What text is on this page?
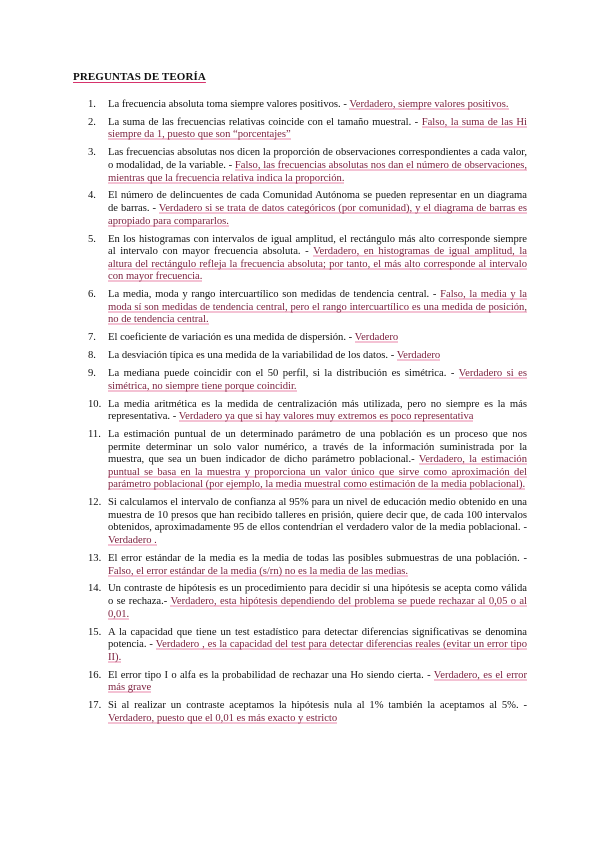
PREGUNTAS DE TEORÍA
1. La frecuencia absoluta toma siempre valores positivos. - Verdadero, siempre valores positivos.
2. La suma de las frecuencias relativas coincide con el tamaño muestral. - Falso, la suma de las Hi siempre da 1, puesto que son “porcentajes”
3. Las frecuencias absolutas nos dicen la proporción de observaciones correspondientes a cada valor, o modalidad, de la variable. - Falso, las frecuencias absolutas nos dan el número de observaciones, mientras que la frecuencia relativa indica la proporción.
4. El número de delincuentes de cada Comunidad Autónoma se pueden representar en un diagrama de barras. - Verdadero si se trata de datos categóricos (por comunidad), y el diagrama de barras es apropiado para compararlos.
5. En los histogramas con intervalos de igual amplitud, el rectángulo más alto corresponde siempre al intervalo con mayor frecuencia absoluta. - Verdadero, en histogramas de igual amplitud, la altura del rectángulo refleja la frecuencia absoluta; por tanto, el más alto corresponde al intervalo con mayor frecuencia.
6. La media, moda y rango intercuartílico son medidas de tendencia central. - Falso, la media y la moda sí son medidas de tendencia central, pero el rango intercuartílico es una medida de posición, no de tendencia central.
7. El coeficiente de variación es una medida de dispersión. - Verdadero
8. La desviación típica es una medida de la variabilidad de los datos. - Verdadero
9. La mediana puede coincidir con el 50 perfil, si la distribución es simétrica. - Verdadero si es simétrica, no siempre tiene porque coincidir.
10. La media aritmética es la medida de centralización más utilizada, pero no siempre es la más representativa. - Verdadero ya que si hay valores muy extremos es poco representativa
11. La estimación puntual de un determinado parámetro de una población es un proceso que nos permite determinar un solo valor numérico, a través de la información suministrada por la muestra, que sea un buen indicador de dicho parámetro poblacional.- Verdadero, la estimación puntual se basa en la muestra y proporciona un valor único que sirve como aproximación del parámetro poblacional (por ejemplo, la media muestral como estimación de la media poblacional).
12. Si calculamos el intervalo de confianza al 95% para un nivel de educación medio obtenido en una muestra de 10 presos que han recibido talleres en prisión, quiere decir que, de cada 100 intervalos obtenidos, aproximadamente 95 de ellos contendrían el verdadero valor de la media poblacional. - Verdadero .
13. El error estándar de la media es la media de todas las posibles submuestras de una población. - Falso, el error estándar de la media (s/rn) no es la media de las medias.
14. Un contraste de hipótesis es un procedimiento para decidir si una hipótesis se acepta como válida o se rechaza.- Verdadero, esta hipótesis dependiendo del problema se puede rechazar al 0,05 o al 0,01.
15. A la capacidad que tiene un test estadístico para detectar diferencias significativas se denomina potencia. - Verdadero , es la capacidad del test para detectar diferencias reales (evitar un error tipo II).
16. El error tipo I o alfa es la probabilidad de rechazar una Ho siendo cierta. - Verdadero, es el error más grave
17. Si al realizar un contraste aceptamos la hipótesis nula al 1% también la aceptamos al 5%. - Verdadero, puesto que el 0,01 es más exacto y estricto
